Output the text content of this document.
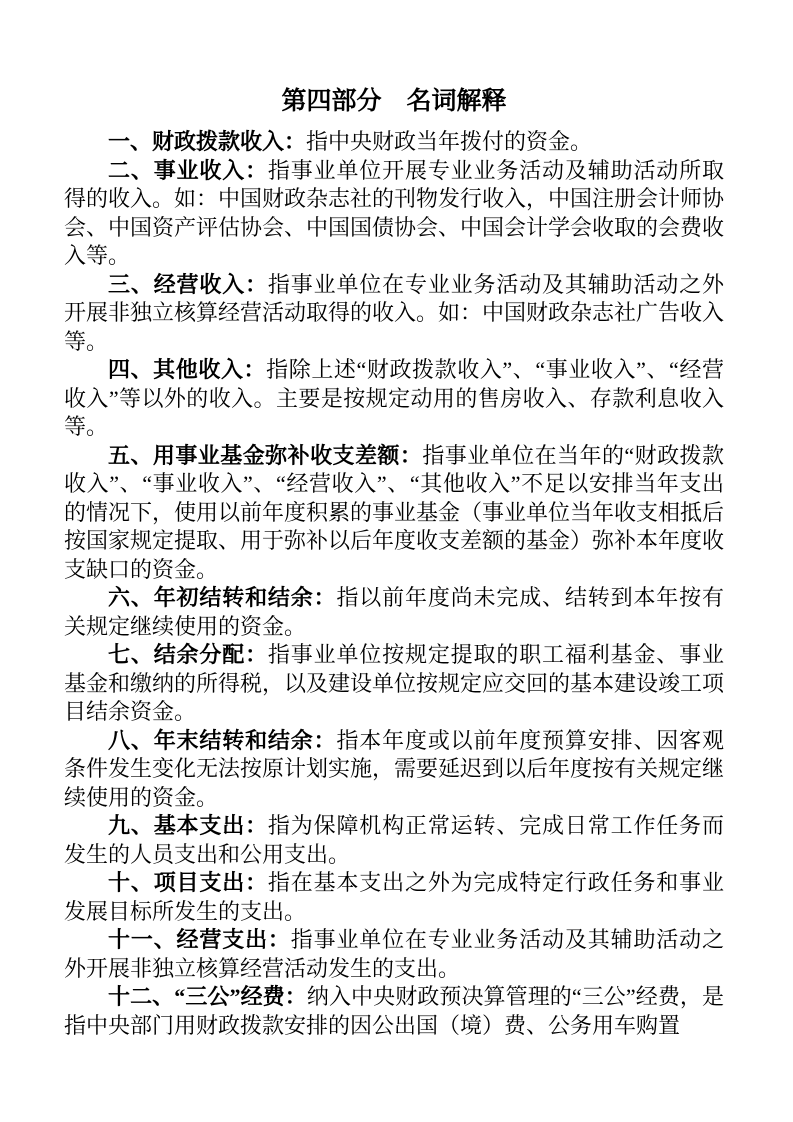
第四部分　名词解释

一、财政拨款收入：指中央财政当年拨付的资金。

二、事业收入：指事业单位开展专业业务活动及辅助活动所取得的收入。如：中国财政杂志社的刊物发行收入，中国注册会计师协会、中国资产评估协会、中国国债协会、中国会计学会收取的会费收入等。

三、经营收入：指事业单位在专业业务活动及其辅助活动之外开展非独立核算经营活动取得的收入。如：中国财政杂志社广告收入等。

四、其他收入：指除上述“财政拨款收入”、“事业收入”、“经营收入”等以外的收入。主要是按规定动用的售房收入、存款利息收入等。

五、用事业基金弥补收支差额：指事业单位在当年的“财政拨款收入”、“事业收入”、“经营收入”、“其他收入”不足以安排当年支出的情况下，使用以前年度积累的事业基金（事业单位当年收支相抵后按国家规定提取、用于弥补以后年度收支差额的基金）弥补本年度收支缺口的资金。

六、年初结转和结余：指以前年度尚未完成、结转到本年按有关规定继续使用的资金。

七、结余分配：指事业单位按规定提取的职工福利基金、事业基金和缴纳的所得税，以及建设单位按规定应交回的基本建设竣工项目结余资金。

八、年末结转和结余：指本年度或以前年度预算安排、因客观条件发生变化无法按原计划实施，需要延迟到以后年度按有关规定继续使用的资金。

九、基本支出：指为保障机构正常运转、完成日常工作任务而发生的人员支出和公用支出。

十、项目支出：指在基本支出之外为完成特定行政任务和事业发展目标所发生的支出。

十一、经营支出：指事业单位在专业业务活动及其辅助活动之外开展非独立核算经营活动发生的支出。

十二、“三公”经费：纳入中央财政预决算管理的“三公”经费，是指中央部门用财政拨款安排的因公出国（境）费、公务用车购置
